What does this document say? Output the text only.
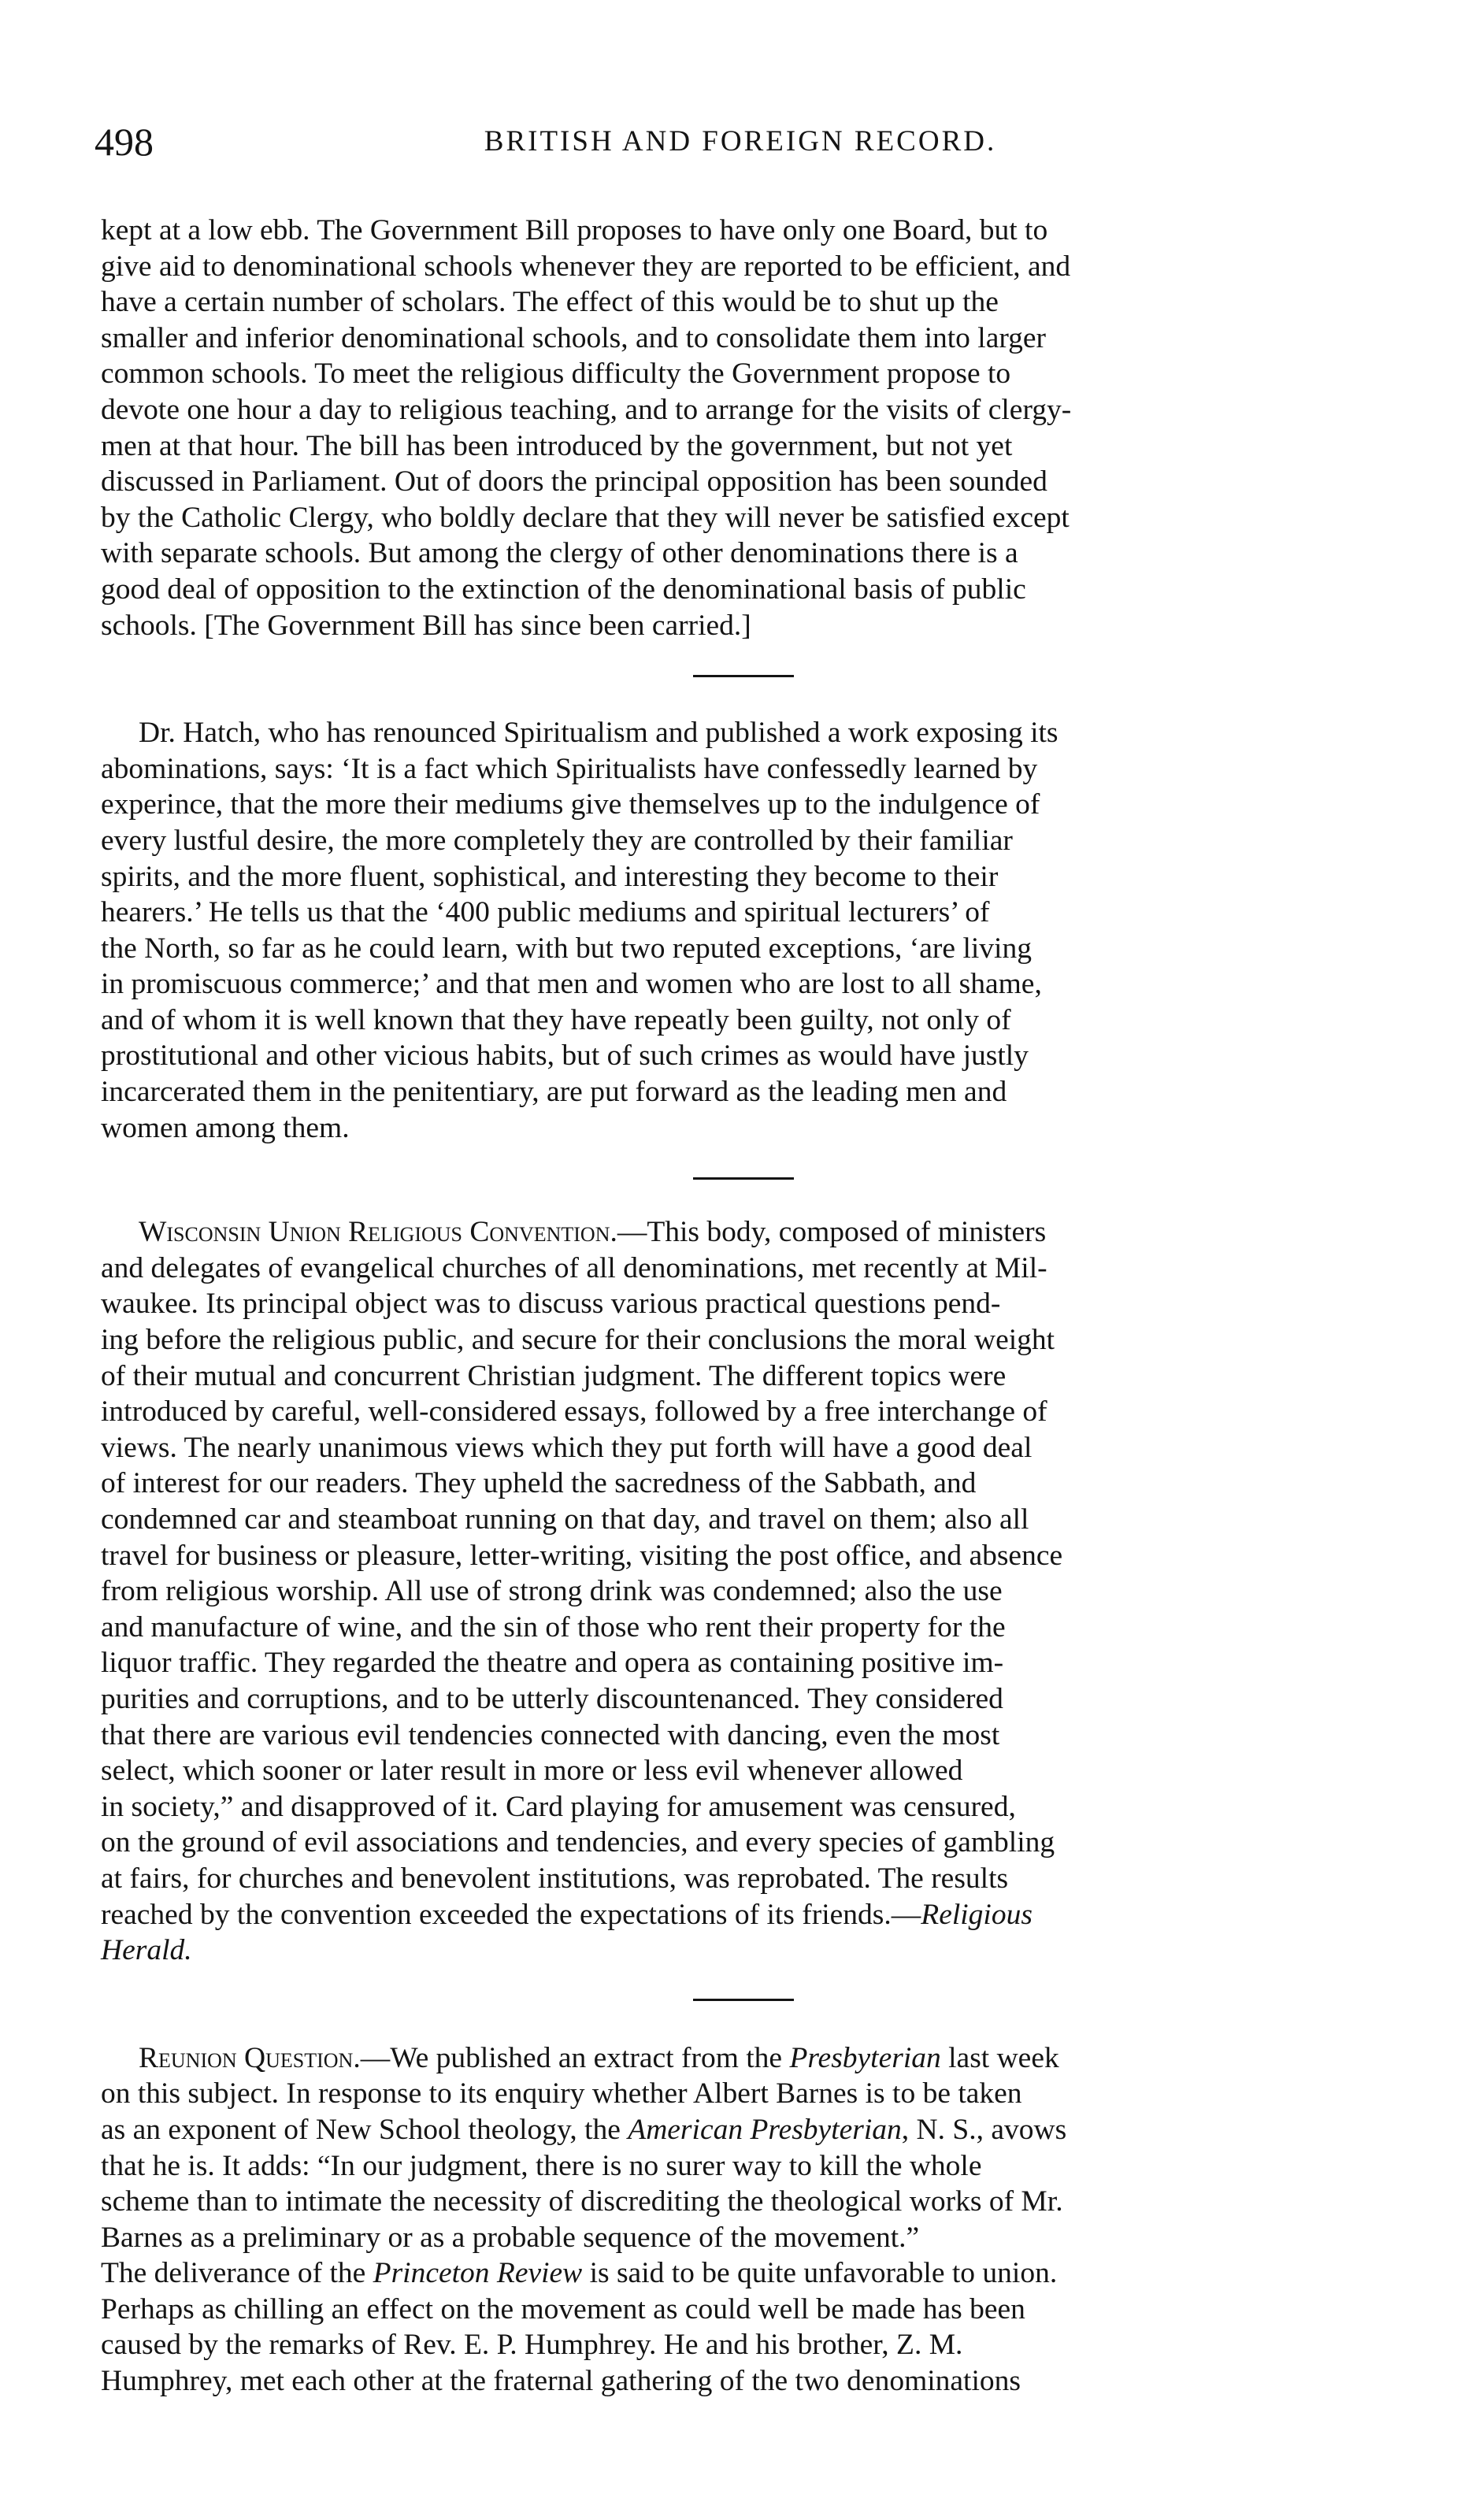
498	BRITISH AND FOREIGN RECORD.

kept at a low ebb. The Government Bill proposes to have only one Board, but to
give aid to denominational schools whenever they are reported to be efficient, and
have a certain number of scholars. The effect of this would be to shut up the
smaller and inferior denominational schools, and to consolidate them into larger
common schools. To meet the religious difficulty the Government propose to
devote one hour a day to religious teaching, and to arrange for the visits of clergy-
men at that hour. The bill has been introduced by the government, but not yet
discussed in Parliament. Out of doors the principal opposition has been sounded
by the Catholic Clergy, who boldly declare that they will never be satisfied except
with separate schools. But among the clergy of other denominations there is a
good deal of opposition to the extinction of the denominational basis of public
schools. [The Government Bill has since been carried.]

Dr. Hatch, who has renounced Spiritualism and published a work exposing its
abominations, says: ‘It is a fact which Spiritualists have confessedly learned by
experince, that the more their mediums give themselves up to the indulgence of
every lustful desire, the more completely they are controlled by their familiar
spirits, and the more fluent, sophistical, and interesting they become to their
hearers.’ He tells us that the ‘400 public mediums and spiritual lecturers’ of
the North, so far as he could learn, with but two reputed exceptions, ‘are living
in promiscuous commerce;’ and that men and women who are lost to all shame,
and of whom it is well known that they have repeatly been guilty, not only of
prostitutional and other vicious habits, but of such crimes as would have justly
incarcerated them in the penitentiary, are put forward as the leading men and
women among them.

Wisconsin Union Religious Convention.—This body, composed of ministers
and delegates of evangelical churches of all denominations, met recently at Mil-
waukee. Its principal object was to discuss various practical questions pend-
ing before the religious public, and secure for their conclusions the moral weight
of their mutual and concurrent Christian judgment. The different topics were
introduced by careful, well-considered essays, followed by a free interchange of
views. The nearly unanimous views which they put forth will have a good deal
of interest for our readers. They upheld the sacredness of the Sabbath, and
condemned car and steamboat running on that day, and travel on them; also all
travel for business or pleasure, letter-writing, visiting the post office, and absence
from religious worship. All use of strong drink was condemned; also the use
and manufacture of wine, and the sin of those who rent their property for the
liquor traffic. They regarded the theatre and opera as containing positive im-
purities and corruptions, and to be utterly discountenanced. They considered
that there are various evil tendencies connected with dancing, even the most
select, which sooner or later result in more or less evil whenever allowed
in society,” and disapproved of it. Card playing for amusement was censured,
on the ground of evil associations and tendencies, and every species of gambling
at fairs, for churches and benevolent institutions, was reprobated. The results
reached by the convention exceeded the expectations of its friends.—Religious
Herald.

Reunion Question.—We published an extract from the Presbyterian last week
on this subject. In response to its enquiry whether Albert Barnes is to be taken
as an exponent of New School theology, the American Presbyterian, N. S., avows
that he is. It adds: “In our judgment, there is no surer way to kill the whole
scheme than to intimate the necessity of discrediting the theological works of Mr.
Barnes as a preliminary or as a probable sequence of the movement.”

The deliverance of the Princeton Review is said to be quite unfavorable to union.
Perhaps as chilling an effect on the movement as could well be made has been
caused by the remarks of Rev. E. P. Humphrey. He and his brother, Z. M.
Humphrey, met each other at the fraternal gathering of the two denominations
